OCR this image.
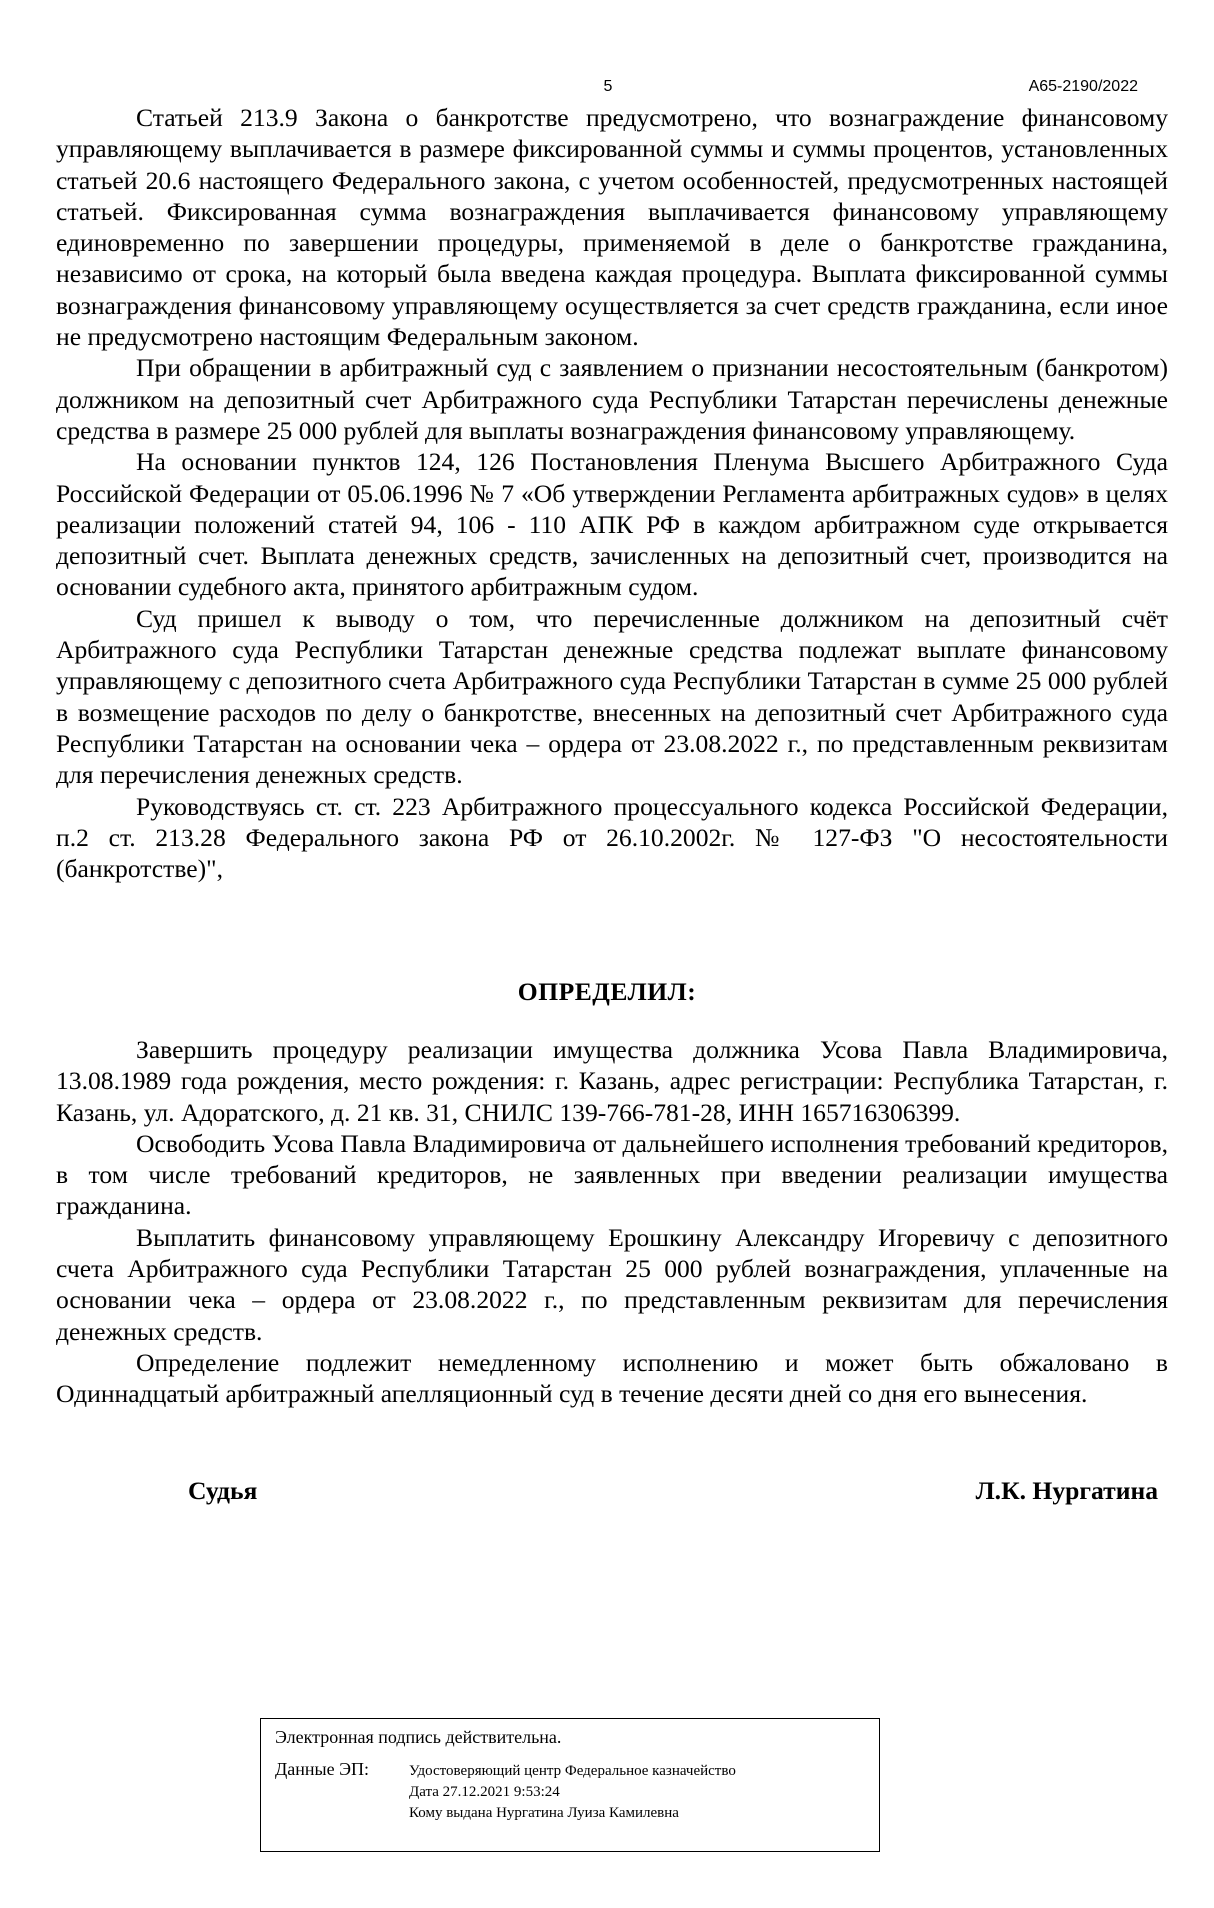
5	А65-2190/2022

Статьей 213.9 Закона о банкротстве предусмотрено, что вознаграждение финансовому управляющему выплачивается в размере фиксированной суммы и суммы процентов, установленных статьей 20.6 настоящего Федерального закона, с учетом особенностей, предусмотренных настоящей статьей. Фиксированная сумма вознаграждения выплачивается финансовому управляющему единовременно по завершении процедуры, применяемой в деле о банкротстве гражданина, независимо от срока, на который была введена каждая процедура. Выплата фиксированной суммы вознаграждения финансовому управляющему осуществляется за счет средств гражданина, если иное не предусмотрено настоящим Федеральным законом.

При обращении в арбитражный суд с заявлением о признании несостоятельным (банкротом) должником на депозитный счет Арбитражного суда Республики Татарстан перечислены денежные средства в размере 25 000 рублей для выплаты вознаграждения финансовому управляющему.

На основании пунктов 124, 126 Постановления Пленума Высшего Арбитражного Суда Российской Федерации от 05.06.1996 № 7 «Об утверждении Регламента арбитражных судов» в целях реализации положений статей 94, 106 - 110 АПК РФ в каждом арбитражном суде открывается депозитный счет. Выплата денежных средств, зачисленных на депозитный счет, производится на основании судебного акта, принятого арбитражным судом.

Суд пришел к выводу о том, что перечисленные должником на депозитный счёт Арбитражного суда Республики Татарстан денежные средства подлежат выплате финансовому управляющему с депозитного счета Арбитражного суда Республики Татарстан в сумме 25 000 рублей в возмещение расходов по делу о банкротстве, внесенных на депозитный счет Арбитражного суда Республики Татарстан на основании чека – ордера от 23.08.2022 г., по представленным реквизитам для перечисления денежных средств.

Руководствуясь ст. ст. 223 Арбитражного процессуального кодекса Российской Федерации, п.2 ст. 213.28 Федерального закона РФ от 26.10.2002г. № 127-ФЗ "О несостоятельности (банкротстве)",

ОПРЕДЕЛИЛ:

Завершить процедуру реализации имущества должника Усова Павла Владимировича, 13.08.1989 года рождения, место рождения: г. Казань, адрес регистрации: Республика Татарстан, г. Казань, ул. Адоратского, д. 21 кв. 31, СНИЛС 139-766-781-28, ИНН 165716306399.

Освободить Усова Павла Владимировича от дальнейшего исполнения требований кредиторов, в том числе требований кредиторов, не заявленных при введении реализации имущества гражданина.

Выплатить финансовому управляющему Ерошкину Александру Игоревичу с депозитного счета Арбитражного суда Республики Татарстан 25 000 рублей вознаграждения, уплаченные на основании чека – ордера от 23.08.2022 г., по представленным реквизитам для перечисления денежных средств.

Определение подлежит немедленному исполнению и может быть обжаловано в Одиннадцатый арбитражный апелляционный суд в течение десяти дней со дня его вынесения.

Судья	Л.К. Нургатина
Электронная подпись действительна.
Данные ЭП:	Удостоверяющий центр Федеральное казначейство
Дата 27.12.2021 9:53:24
Кому выдана Нургатина Луиза Камилевна
